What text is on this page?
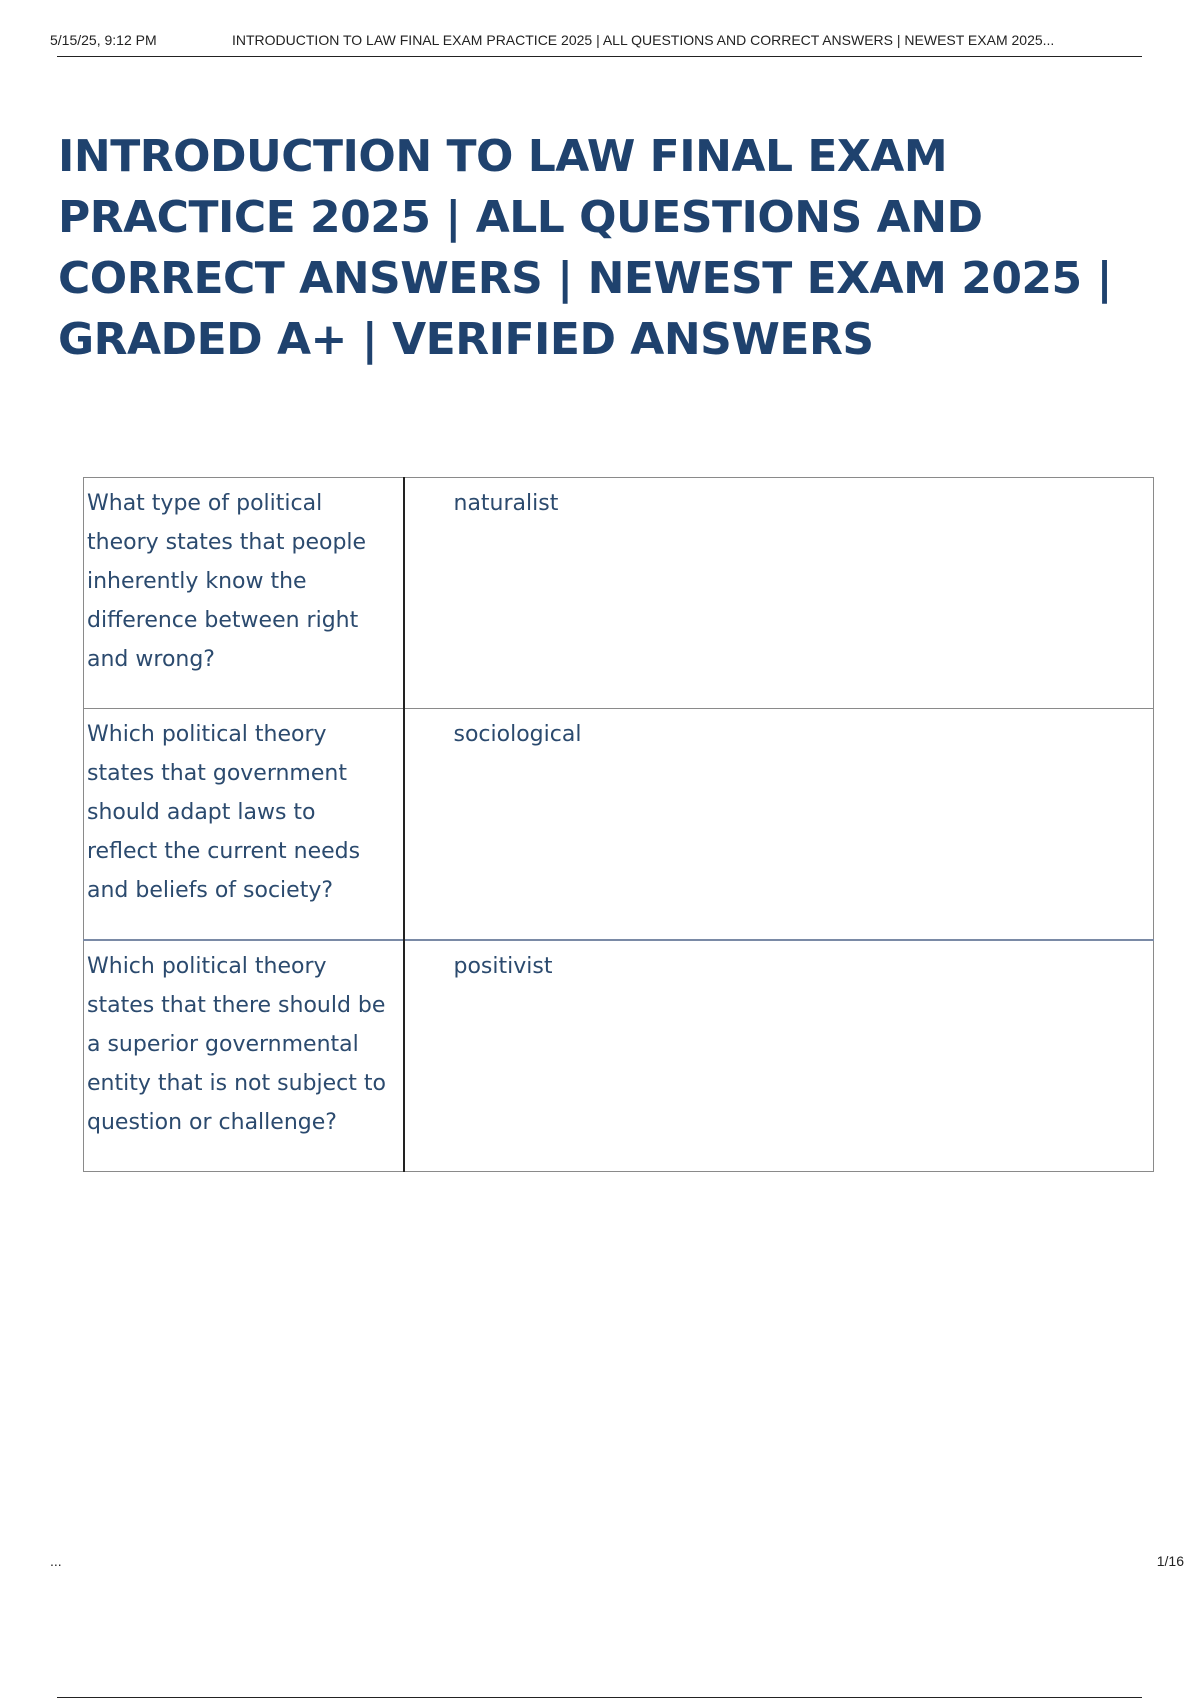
5/15/25, 9:12 PM	INTRODUCTION TO LAW FINAL EXAM PRACTICE 2025 | ALL QUESTIONS AND CORRECT ANSWERS | NEWEST EXAM 2025...
INTRODUCTION TO LAW FINAL EXAM PRACTICE 2025 | ALL QUESTIONS AND CORRECT ANSWERS | NEWEST EXAM 2025 | GRADED A+ | VERIFIED ANSWERS
What type of political theory states that people inherently know the difference between right and wrong?	naturalist
Which political theory states that government should adapt laws to reflect the current needs and beliefs of society?	sociological
Which political theory states that there should be a superior governmental entity that is not subject to question or challenge?	positivist
...	1/16
